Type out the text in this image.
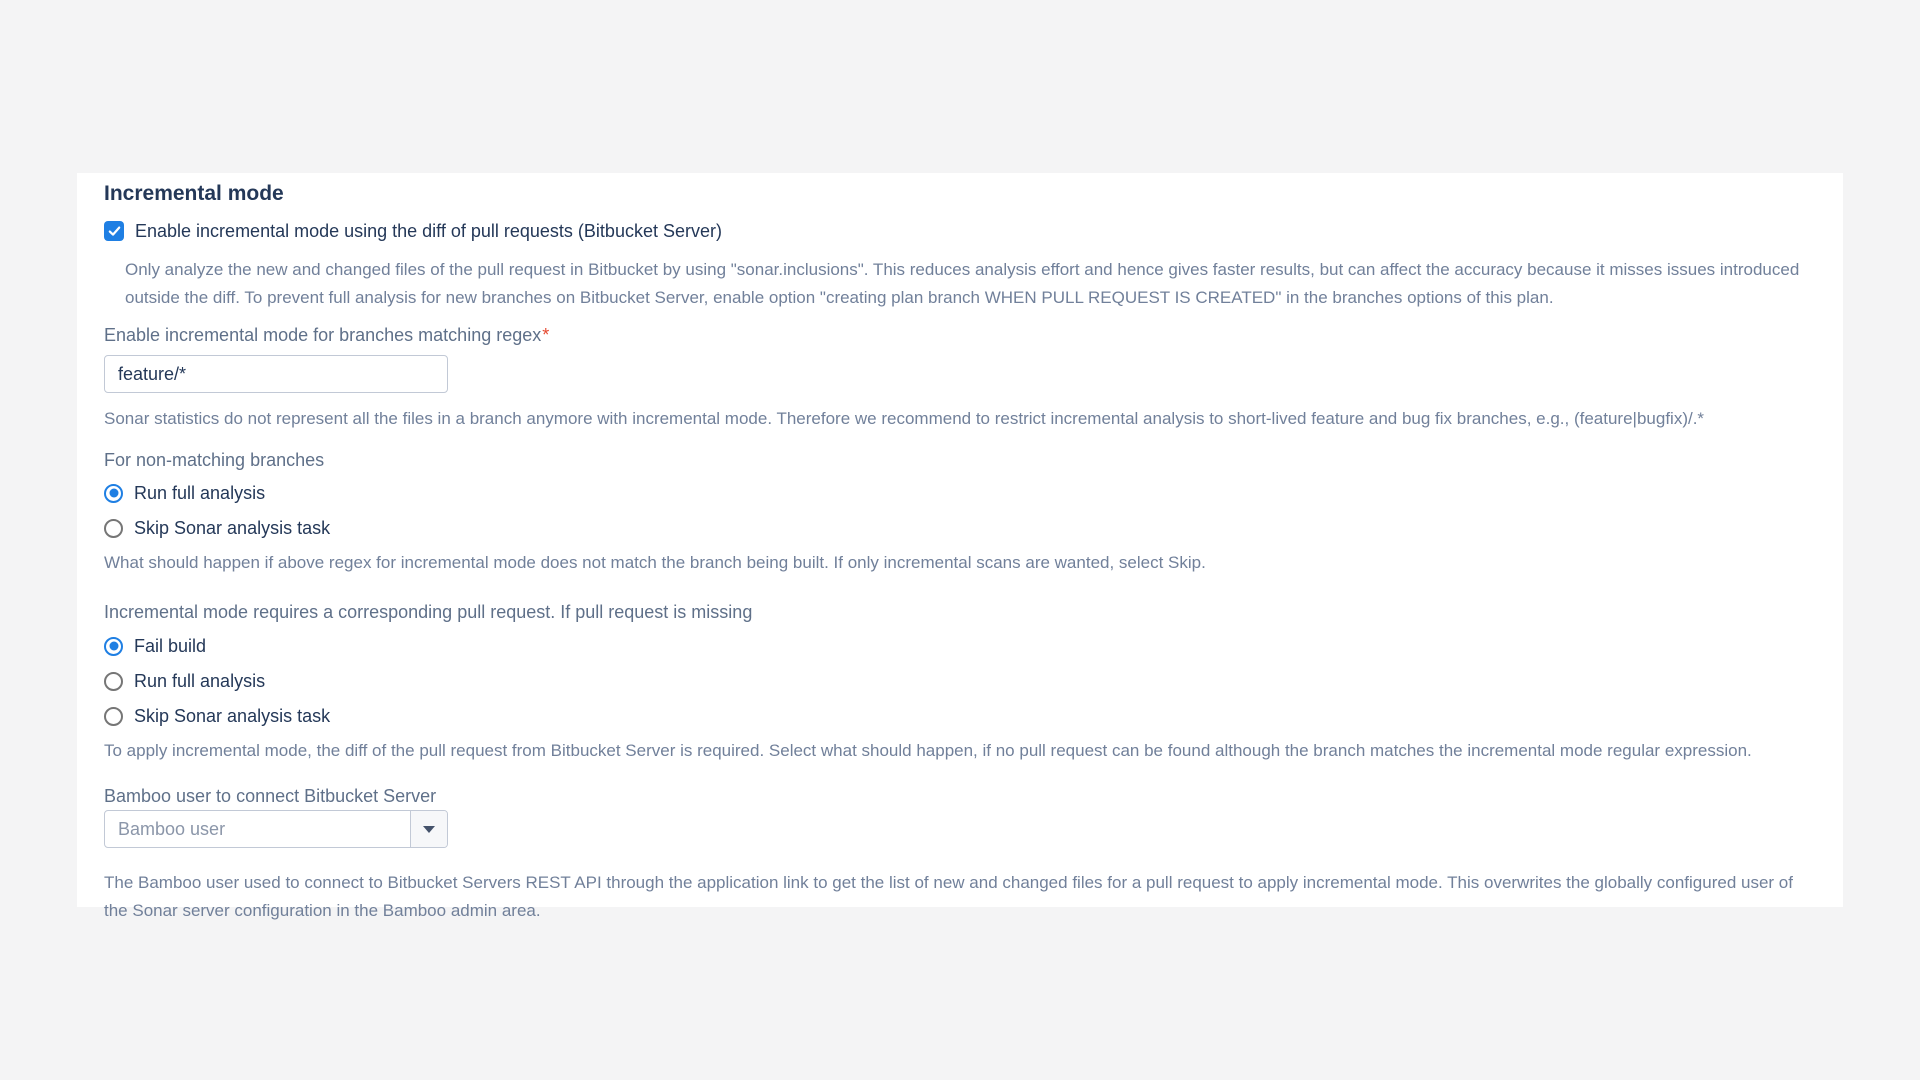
Incremental mode
Enable incremental mode using the diff of pull requests (Bitbucket Server)

Only analyze the new and changed files of the pull request in Bitbucket by using "sonar.inclusions". This reduces analysis effort and hence gives faster results, but can affect the accuracy because it misses issues introduced outside the diff. To prevent full analysis for new branches on Bitbucket Server, enable option "creating plan branch WHEN PULL REQUEST IS CREATED" in the branches options of this plan.

Enable incremental mode for branches matching regex*
feature/*

Sonar statistics do not represent all the files in a branch anymore with incremental mode. Therefore we recommend to restrict incremental analysis to short-lived feature and bug fix branches, e.g., (feature|bugfix)/.*

For non-matching branches
Run full analysis
Skip Sonar analysis task

What should happen if above regex for incremental mode does not match the branch being built. If only incremental scans are wanted, select Skip.

Incremental mode requires a corresponding pull request. If pull request is missing
Fail build
Run full analysis
Skip Sonar analysis task

To apply incremental mode, the diff of the pull request from Bitbucket Server is required. Select what should happen, if no pull request can be found although the branch matches the incremental mode regular expression.

Bamboo user to connect Bitbucket Server
Bamboo user

The Bamboo user used to connect to Bitbucket Servers REST API through the application link to get the list of new and changed files for a pull request to apply incremental mode. This overwrites the globally configured user of the Sonar server configuration in the Bamboo admin area.
